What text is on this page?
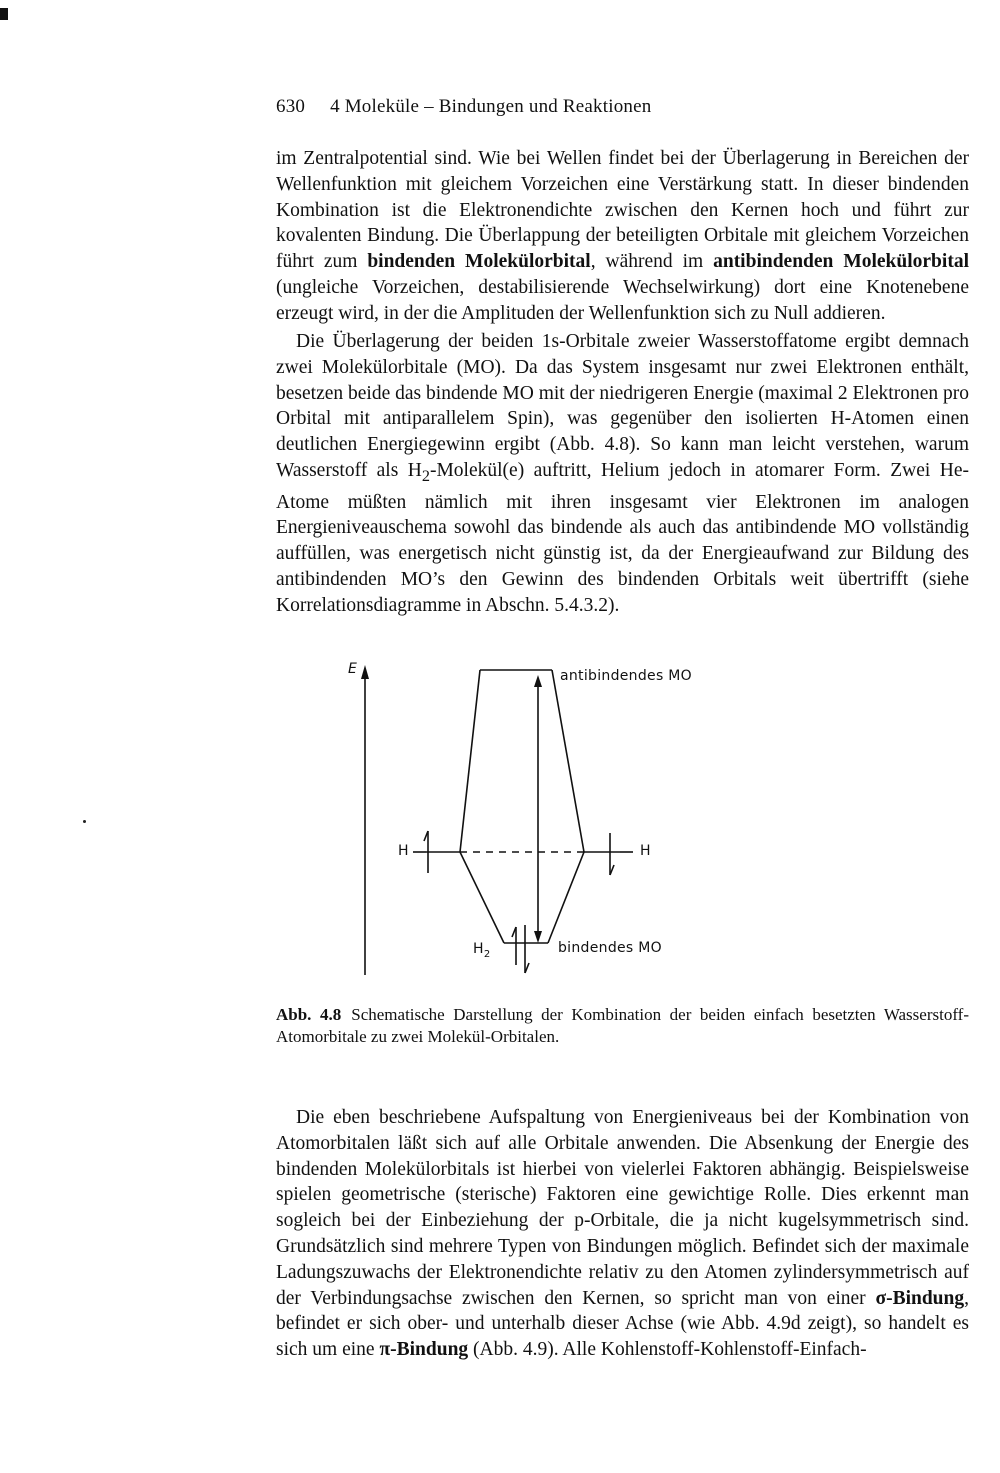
630 4 Moleküle – Bindungen und Reaktionen

im Zentralpotential sind. Wie bei Wellen findet bei der Überlagerung in Bereichen der Wellenfunktion mit gleichem Vorzeichen eine Verstärkung statt. In dieser bindenden Kombination ist die Elektronendichte zwischen den Kernen hoch und führt zur kovalenten Bindung. Die Überlappung der beteiligten Orbitale mit gleichem Vorzeichen führt zum bindenden Molekülorbital, während im antibindenden Molekülorbital (ungleiche Vorzeichen, destabilisierende Wechselwirkung) dort eine Knotenebene erzeugt wird, in der die Amplituden der Wellenfunktion sich zu Null addieren.

Die Überlagerung der beiden 1s-Orbitale zweier Wasserstoffatome ergibt demnach zwei Molekülorbitale (MO). Da das System insgesamt nur zwei Elektronen enthält, besetzen beide das bindende MO mit der niedrigeren Energie (maximal 2 Elektronen pro Orbital mit antiparallelem Spin), was gegenüber den isolierten H-Atomen einen deutlichen Energiegewinn ergibt (Abb. 4.8). So kann man leicht verstehen, warum Wasserstoff als $H_2-Molekül(e)$ auftritt, Helium jedoch in atomarer Form. Zwei He-Atome müßten nämlich mit ihren insgesamt vier Elektronen im analogen Energieniveauschema sowohl das bindende als auch das antibindende MO vollständig auffüllen, was energetisch nicht günstig ist, da der Energieaufwand zur Bildung des antibindenden MO’s den Gewinn des bindenden Orbitals weit übertrifft (siehe Korrelationsdiagramme in Abschn. 5.4.3.2).

E	antibindendes MO
H	H
$H_2$	bindendes MO

Abb. 4.8 Schematische Darstellung der Kombination der beiden einfach besetzten Wasserstoff-Atomorbitale zu zwei Molekül-Orbitalen.

Die eben beschriebene Aufspaltung von Energieniveaus bei der Kombination von Atomorbitalen läßt sich auf alle Orbitale anwenden. Die Absenkung der Energie des bindenden Molekülorbitals ist hierbei von vielerlei Faktoren abhängig. Beispielsweise spielen geometrische (sterische) Faktoren eine gewichtige Rolle. Dies erkennt man sogleich bei der Einbeziehung der p-Orbitale, die ja nicht kugelsymmetrisch sind. Grundsätzlich sind mehrere Typen von Bindungen möglich. Befindet sich der maximale Ladungszuwachs der Elektronendichte relativ zu den Atomen zylindersymmetrisch auf der Verbindungsachse zwischen den Kernen, so spricht man von einer σ-Bindung, befindet er sich ober- und unterhalb dieser Achse (wie Abb. 4.9d zeigt), so handelt es sich um eine π-Bindung (Abb. 4.9). Alle Kohlenstoff-Kohlenstoff-Einfach-
